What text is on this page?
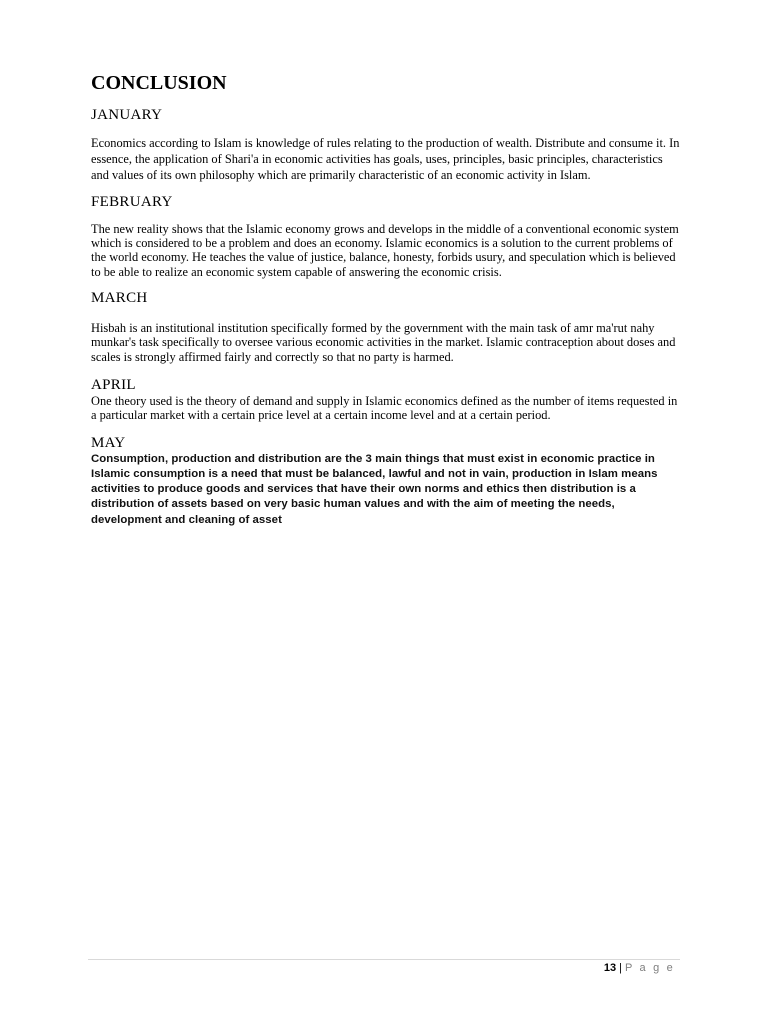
CONCLUSION
JANUARY

Economics according to Islam is knowledge of rules relating to the production of wealth. Distribute and consume it. In essence, the application of Shari'a in economic activities has goals, uses, principles, basic principles, characteristics and values of its own philosophy which are primarily characteristic of an economic activity in Islam.

FEBRUARY

The new reality shows that the Islamic economy grows and develops in the middle of a conventional economic system which is considered to be a problem and does an economy. Islamic economics is a solution to the current problems of the world economy. He teaches the value of justice, balance, honesty, forbids usury, and speculation which is believed to be able to realize an economic system capable of answering the economic crisis.

MARCH

Hisbah is an institutional institution specifically formed by the government with the main task of amr ma'rut nahy munkar's task specifically to oversee various economic activities in the market. Islamic contraception about doses and scales is strongly affirmed fairly and correctly so that no party is harmed.

APRIL

One theory used is the theory of demand and supply in Islamic economics defined as the number of items requested in a particular market with a certain price level at a certain income level and at a certain period.

MAY

Consumption, production and distribution are the 3 main things that must exist in economic practice in Islamic consumption is a need that must be balanced, lawful and not in vain, production in Islam means activities to produce goods and services that have their own norms and ethics then distribution is a distribution of assets based on very basic human values and with the aim of meeting the needs, development and cleaning of asset

13 | P a g e
